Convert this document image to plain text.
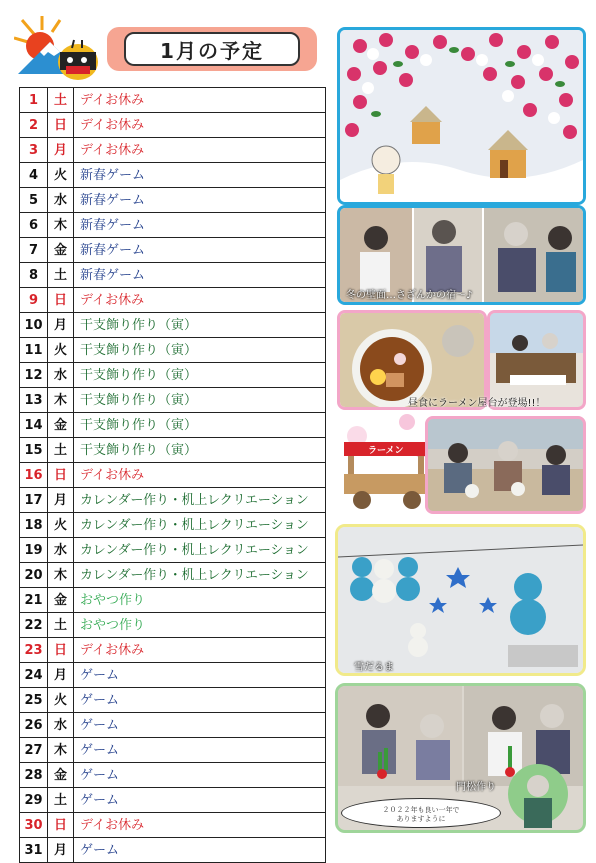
1月の予定
1	土	デイお休み
2	日	デイお休み
3	月	デイお休み
4	火	新春ゲーム
5	水	新春ゲーム
6	木	新春ゲーム
7	金	新春ゲーム
8	土	新春ゲーム
9	日	デイお休み
10	月	干支飾り作り（寅）
11	火	干支飾り作り（寅）
12	水	干支飾り作り（寅）
13	木	干支飾り作り（寅）
14	金	干支飾り作り（寅）
15	土	干支飾り作り（寅）
16	日	デイお休み
17	月	カレンダー作り・机上レクリエーション
18	火	カレンダー作り・机上レクリエーション
19	水	カレンダー作り・机上レクリエーション
20	木	カレンダー作り・机上レクリエーション
21	金	おやつ作り
22	土	おやつ作り
23	日	デイお休み
24	月	ゲーム
25	火	ゲーム
26	水	ゲーム
27	木	ゲーム
28	金	ゲーム
29	土	ゲーム
30	日	デイお休み
31	月	ゲーム
冬の壁面…さざんかの宿～♪
昼食にラーメン屋台が登場!!！
ラーメン
雪だるま
門松作り
２０２２年も良い一年で
ありますように
